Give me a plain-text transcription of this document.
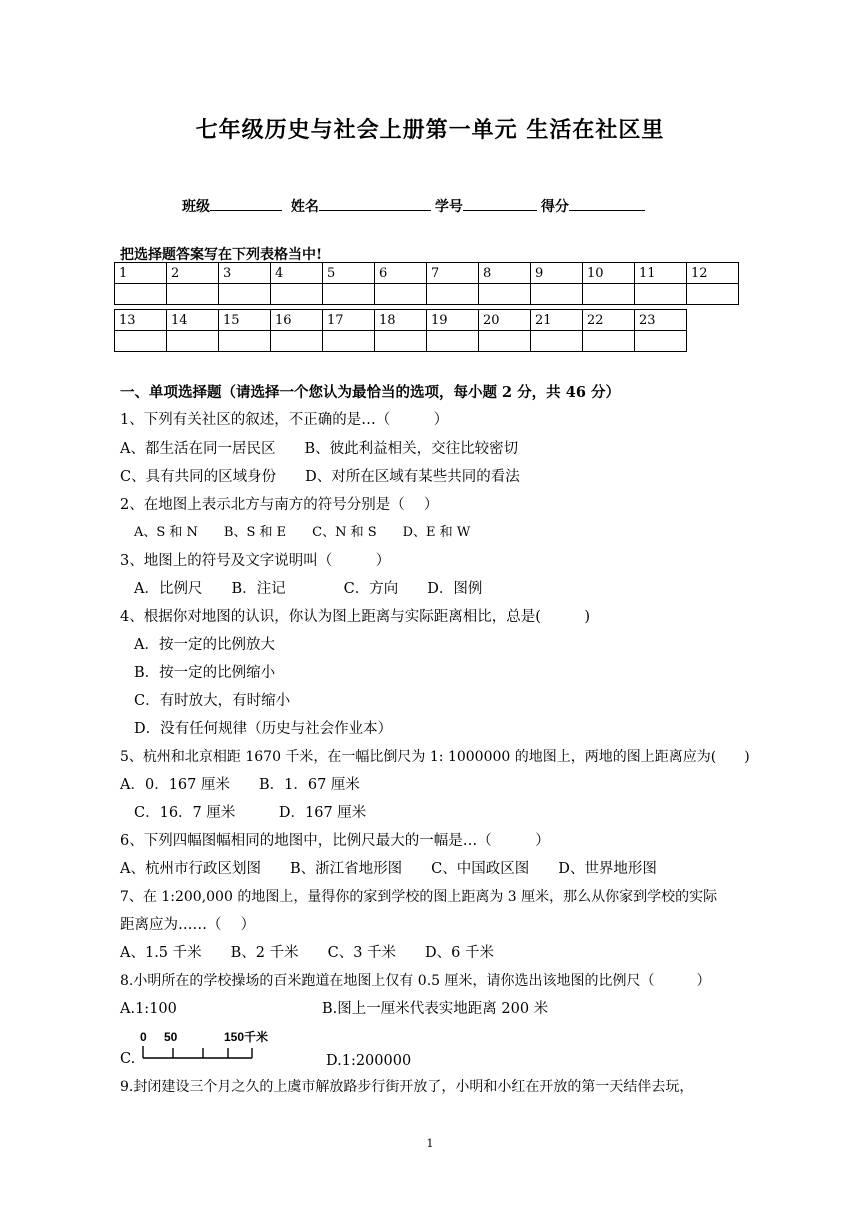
七年级历史与社会上册第一单元 生活在社区里
班级	姓名	学号	得分
把选择题答案写在下列表格当中!
1	2	3	4	5	6	7	8	9	10	11	12

13	14	15	16	17	18	19	20	21	22	23

一、单项选择题（请选择一个您认为最恰当的选项，每小题 2 分，共 46 分）
1、下列有关社区的叙述，不正确的是…（　　　）
A、都生活在同一居民区　　B、彼此利益相关，交往比较密切
C、具有共同的区域身份　　D、对所在区域有某些共同的看法
2、在地图上表示北方与南方的符号分别是（　 ）
A、S 和 N　　B、S 和 E　　C、N 和 S　　D、E 和 W
3、地图上的符号及文字说明叫（　　　）
A．比例尺　　B．注记　　　　C．方向　　D．图例
4、根据你对地图的认识，你认为图上距离与实际距离相比，总是(　　　)
A．按一定的比例放大
B．按一定的比例缩小
C．有时放大，有时缩小
D．没有任何规律（历史与社会作业本）
5、杭州和北京相距 1670 千米，在一幅比倒尺为 1: 1000000 的地图上，两地的图上距离应为(　　)
A．0．167 厘米　　B．1．67 厘米
C．16．7 厘米　　　D．167 厘米
6、下列四幅图幅相同的地图中，比例尺最大的一幅是…（　　　）
A、杭州市行政区划图　　B、浙江省地形图　　C、中国政区图　　D、世界地形图
7、在 1:200,000 的地图上，量得你的家到学校的图上距离为 3 厘米，那么从你家到学校的实际
距离应为……（　 ）
A、1.5 千米　　B、2 千米　　C、3 千米　　D、6 千米
8.小明所在的学校操场的百米跑道在地图上仅有 0.5 厘米，请你选出该地图的比例尺（　　　）
A.1:100	B.图上一厘米代表实地距离 200 米
C.
0 50	150千米
D.1:200000
9.封闭建设三个月之久的上虞市解放路步行街开放了，小明和小红在开放的第一天结伴去玩，
1
